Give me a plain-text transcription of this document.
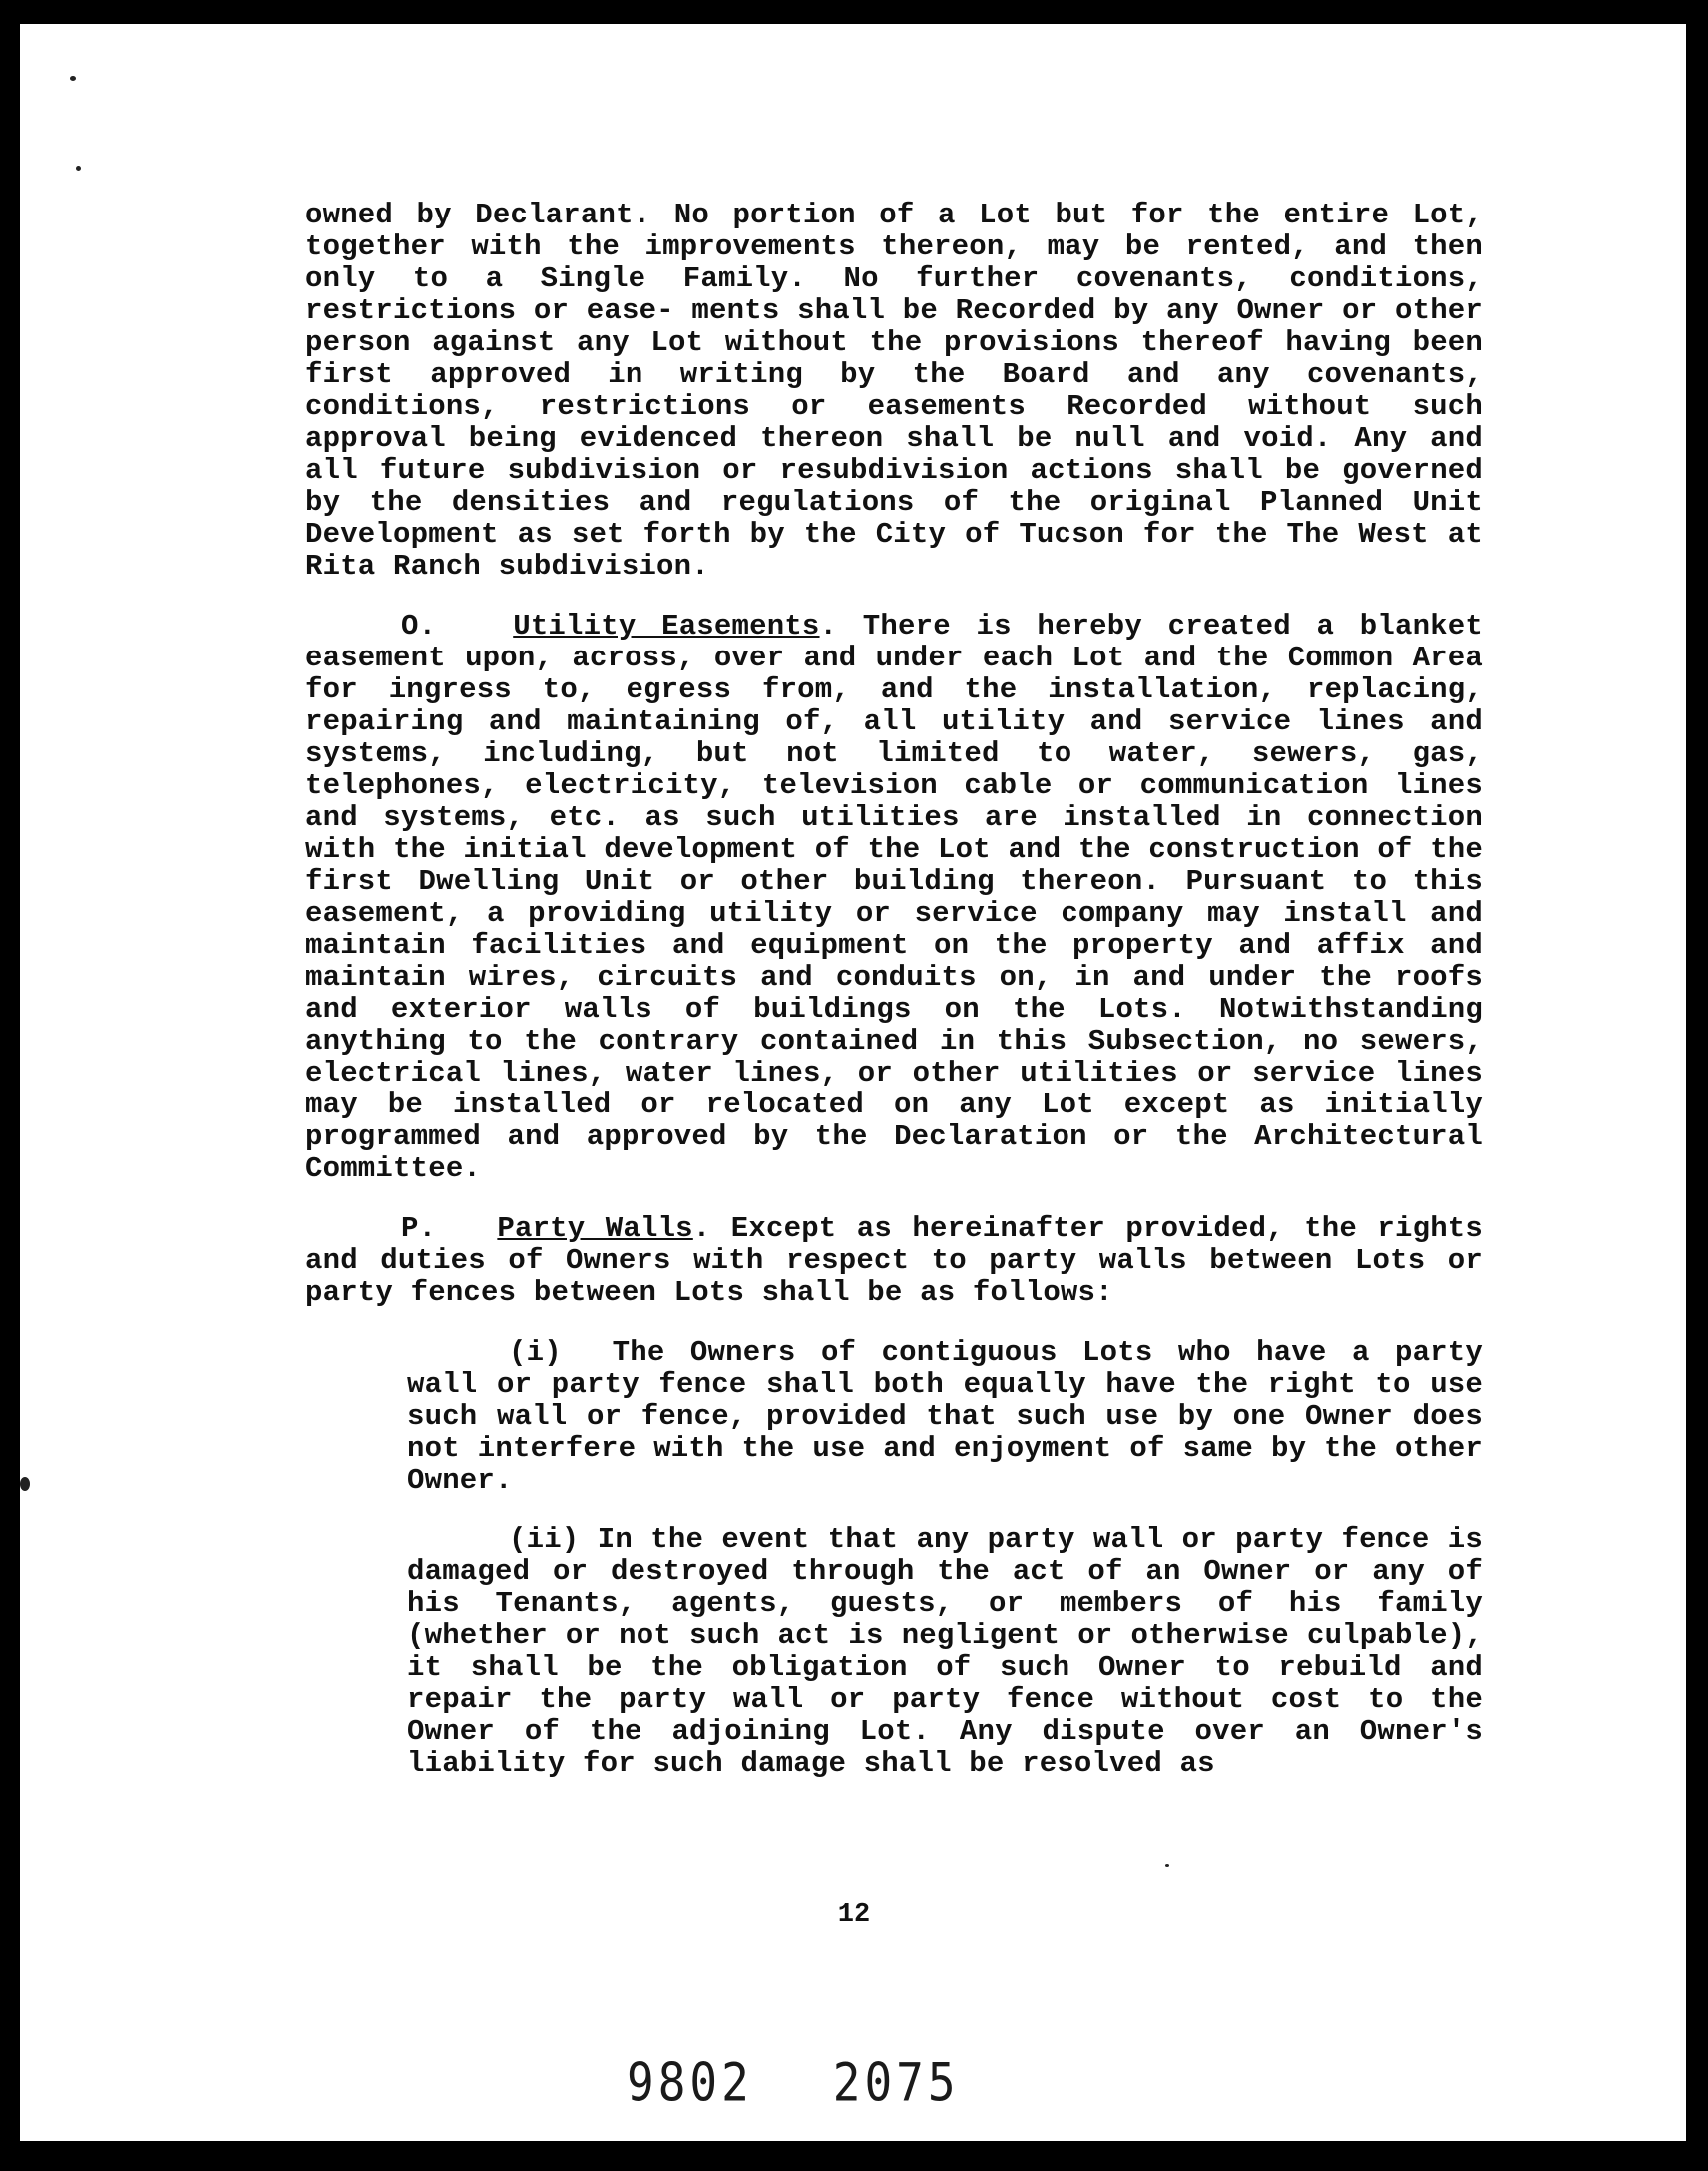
owned by Declarant. No portion of a Lot but for the entire Lot, together with the improvements thereon, may be rented, and then only to a Single Family. No further covenants, conditions, restrictions or ease- ments shall be Recorded by any Owner or other person against any Lot without the provisions thereof having been first approved in writing by the Board and any covenants, conditions, restrictions or easements Recorded without such approval being evidenced thereon shall be null and void. Any and all future subdivision or resubdivision actions shall be governed by the densities and regulations of the original Planned Unit Development as set forth by the City of Tucson for the The West at Rita Ranch subdivision.

O.	Utility Easements. There is hereby created a blanket easement upon, across, over and under each Lot and the Common Area for ingress to, egress from, and the installation, replacing, repairing and maintaining of, all utility and service lines and systems, including, but not limited to water, sewers, gas, telephones, electricity, television cable or communication lines and systems, etc. as such utilities are installed in connection with the initial development of the Lot and the construction of the first Dwelling Unit or other building thereon. Pursuant to this easement, a providing utility or service company may install and maintain facilities and equipment on the property and affix and maintain wires, circuits and conduits on, in and under the roofs and exterior walls of buildings on the Lots. Notwithstanding anything to the contrary contained in this Subsection, no sewers, electrical lines, water lines, or other utilities or service lines may be installed or relocated on any Lot except as initially programmed and approved by the Declaration or the Architectural Committee.

P. Party Walls. Except as hereinafter provided, the rights and duties of Owners with respect to party walls between Lots or party fences between Lots shall be as follows:

(i) The Owners of contiguous Lots who have a party wall or party fence shall both equally have the right to use such wall or fence, provided that such use by one Owner does not interfere with the use and enjoyment of same by the other Owner.

(ii) In the event that any party wall or party fence is damaged or destroyed through the act of an Owner or any of his Tenants, agents, guests, or members of his family (whether or not such act is negligent or otherwise culpable), it shall be the obligation of such Owner to rebuild and repair the party wall or party fence without cost to the Owner of the adjoining Lot. Any dispute over an Owner's liability for such damage shall be resolved as

12
9802 2075
